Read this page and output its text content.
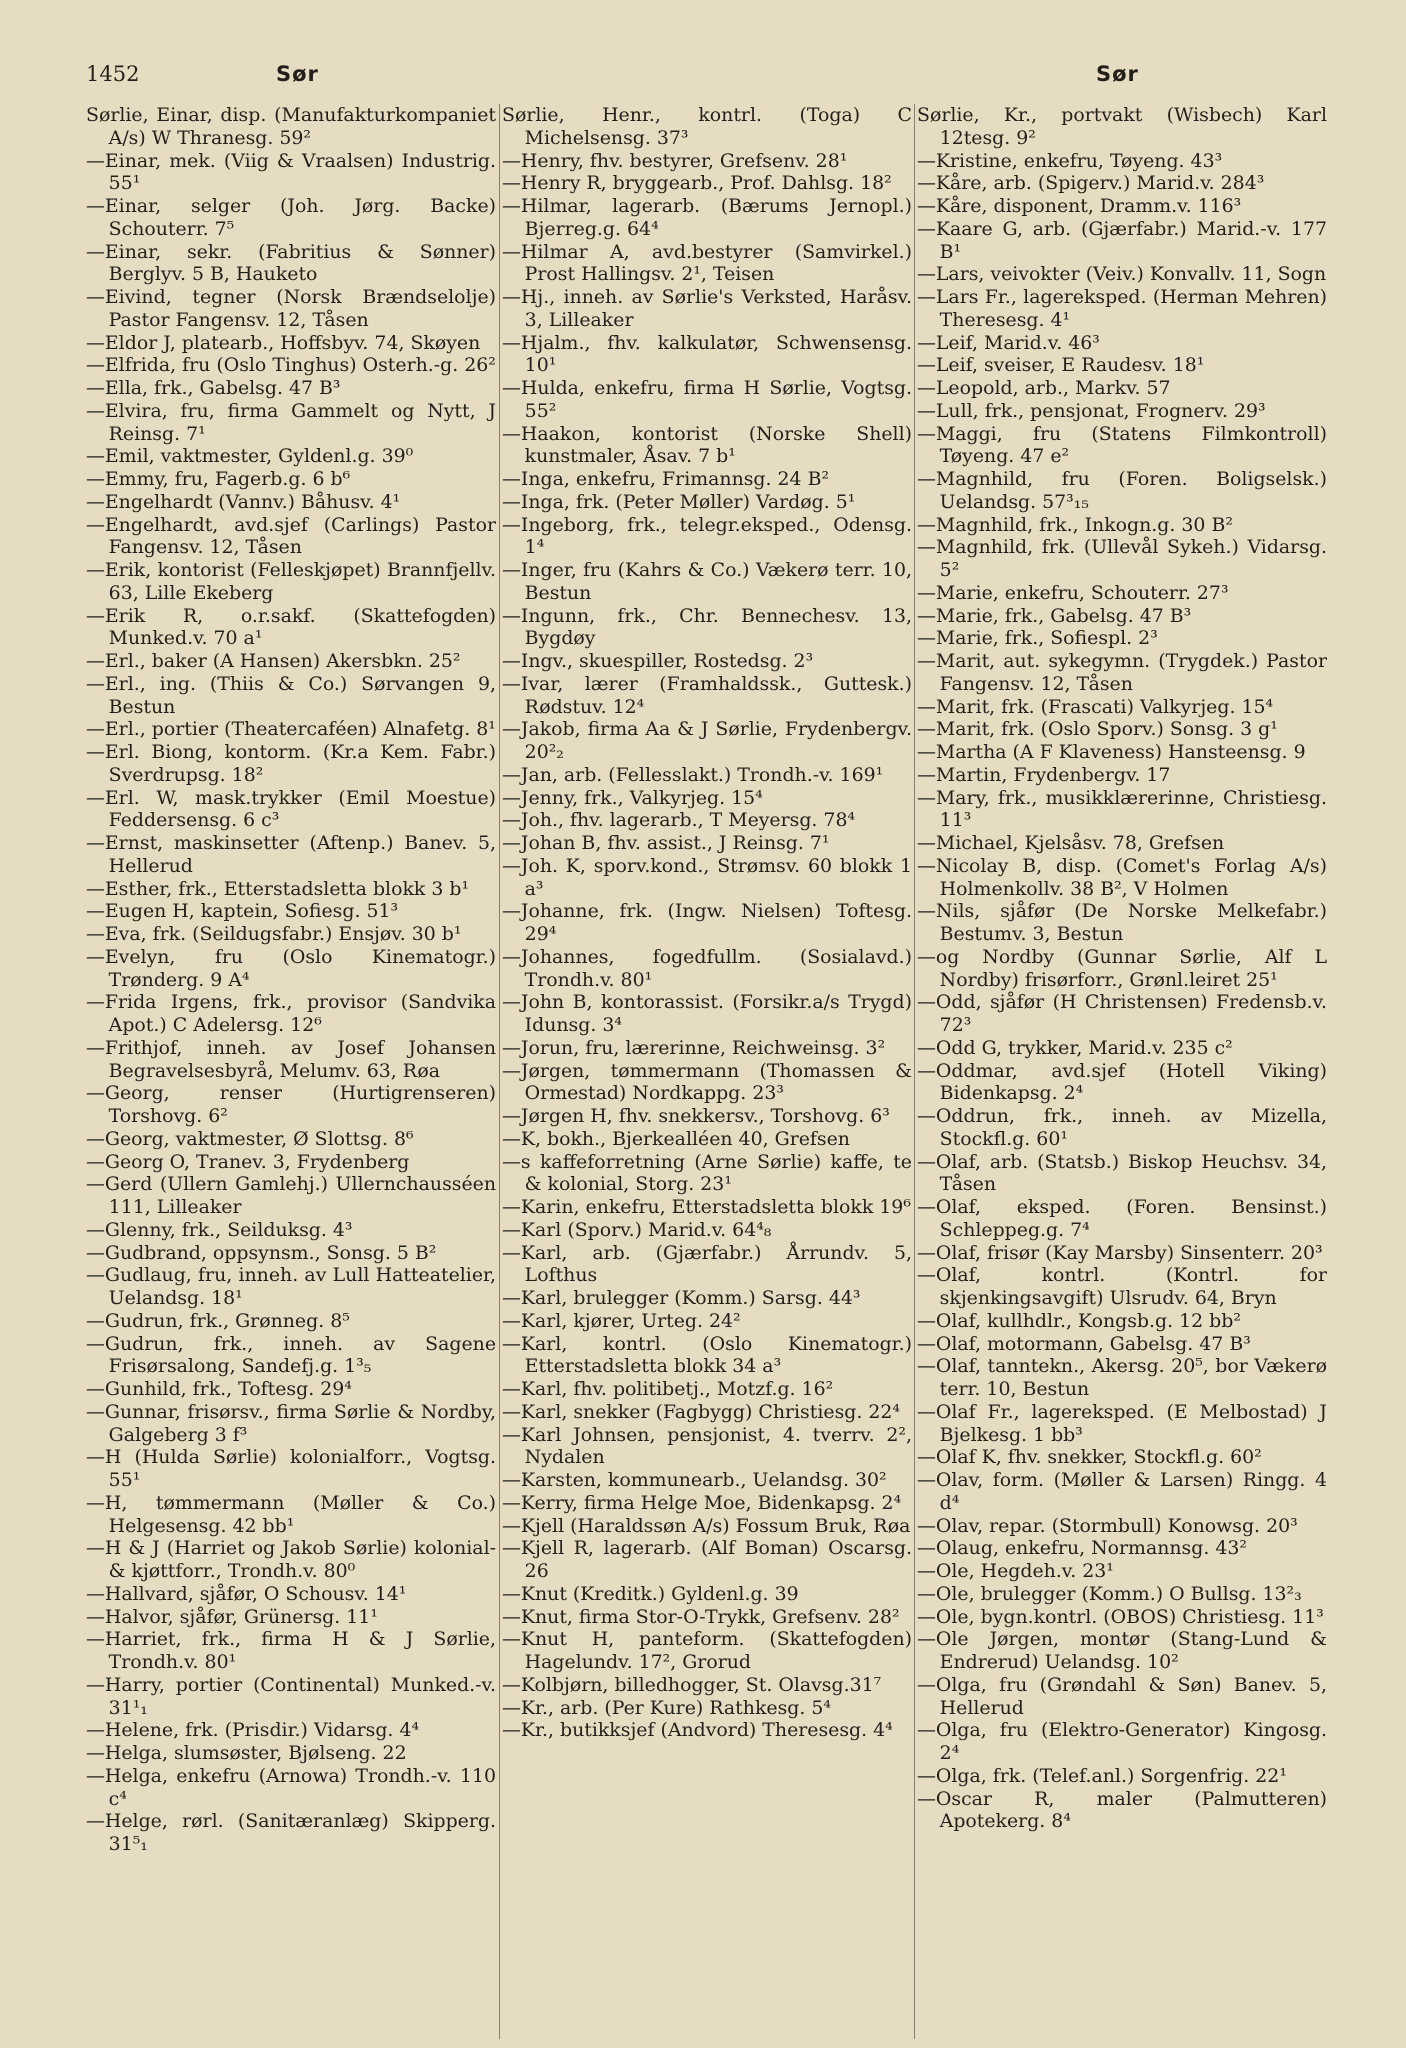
1452	Sør	Sør

Sørlie, Einar, disp. (Manufakturkompaniet A/s) W Thranesg. 59²

—Einar, mek. (Viig & Vraalsen) Industrig. 55¹

—Einar, selger (Joh. Jørg. Backe) Schouterr. 7⁵

—Einar, sekr. (Fabritius & Sønner) Berglyv. 5 B, Hauketo

—Eivind, tegner (Norsk Brændselolje) Pastor Fangensv. 12, Tåsen

—Eldor J, platearb., Hoffsbyv. 74, Skøyen

—Elfrida, fru (Oslo Tinghus) Osterh.-g. 26²

—Ella, frk., Gabelsg. 47 B³

—Elvira, fru, firma Gammelt og Nytt, J Reinsg. 7¹

—Emil, vaktmester, Gyldenl.g. 39⁰

—Emmy, fru, Fagerb.g. 6 b⁶

—Engelhardt (Vannv.) Båhusv. 4¹

—Engelhardt, avd.sjef (Carlings) Pastor Fangensv. 12, Tåsen

—Erik, kontorist (Felleskjøpet) Brannfjellv. 63, Lille Ekeberg

—Erik R, o.r.sakf. (Skattefogden) Munked.v. 70 a¹

—Erl., baker (A Hansen) Akersbkn. 25²

—Erl., ing. (Thiis & Co.) Sørvangen 9, Bestun

—Erl., portier (Theatercaféen) Alnafetg. 8¹

—Erl. Biong, kontorm. (Kr.a Kem. Fabr.) Sverdrupsg. 18²

—Erl. W, mask.trykker (Emil Moestue) Feddersensg. 6 c³

—Ernst, maskinsetter (Aftenp.) Banev. 5, Hellerud

—Esther, frk., Etterstadsletta blokk 3 b¹

—Eugen H, kaptein, Sofiesg. 51³

—Eva, frk. (Seildugsfabr.) Ensjøv. 30 b¹

—Evelyn, fru (Oslo Kinematogr.) Trønderg. 9 A⁴

—Frida Irgens, frk., provisor (Sandvika Apot.) C Adelersg. 12⁶

—Frithjof, inneh. av Josef Johansen Begravelsesbyrå, Melumv. 63, Røa

—Georg, renser (Hurtigrenseren) Torshovg. 6²

—Georg, vaktmester, Ø Slottsg. 8⁶

—Georg O, Tranev. 3, Frydenberg

—Gerd (Ullern Gamlehj.) Ullernchausséen 111, Lilleaker

—Glenny, frk., Seilduksg. 4³

—Gudbrand, oppsynsm., Sonsg. 5 B²

—Gudlaug, fru, inneh. av Lull Hatteatelier, Uelandsg. 18¹

—Gudrun, frk., Grønneg. 8⁵

—Gudrun, frk., inneh. av Sagene Frisørsalong, Sandefj.g. 1³₅

—Gunhild, frk., Toftesg. 29⁴

—Gunnar, frisørsv., firma Sørlie & Nordby, Galgeberg 3 f³

—H (Hulda Sørlie) kolonialforr., Vogtsg. 55¹

—H, tømmermann (Møller & Co.) Helgesensg. 42 bb¹

—H & J (Harriet og Jakob Sørlie) kolonial- & kjøttforr., Trondh.v. 80⁰

—Hallvard, sjåfør, O Schousv. 14¹

—Halvor, sjåfør, Grünersg. 11¹

—Harriet, frk., firma H & J Sørlie, Trondh.v. 80¹

—Harry, portier (Continental) Munked.-v. 31¹₁

—Helene, frk. (Prisdir.) Vidarsg. 4⁴

—Helga, slumsøster, Bjølseng. 22

—Helga, enkefru (Arnowa) Trondh.-v. 110 c⁴

—Helge, rørl. (Sanitæranlæg) Skipperg. 31⁵₁

Sørlie, Henr., kontrl. (Toga) C Michelsensg. 37³

—Henry, fhv. bestyrer, Grefsenv. 28¹

—Henry R, bryggearb., Prof. Dahlsg. 18²

—Hilmar, lagerarb. (Bærums Jernopl.) Bjerreg.g. 64⁴

—Hilmar A, avd.bestyrer (Samvirkel.) Prost Hallingsv. 2¹, Teisen

—Hj., inneh. av Sørlie's Verksted, Haråsv. 3, Lilleaker

—Hjalm., fhv. kalkulatør, Schwensensg. 10¹

—Hulda, enkefru, firma H Sørlie, Vogtsg. 55²

—Haakon, kontorist (Norske Shell) kunstmaler, Åsav. 7 b¹

—Inga, enkefru, Frimannsg. 24 B²

—Inga, frk. (Peter Møller) Vardøg. 5¹

—Ingeborg, frk., telegr.eksped., Odensg. 1⁴

—Inger, fru (Kahrs & Co.) Vækerø terr. 10, Bestun

—Ingunn, frk., Chr. Bennechesv. 13, Bygdøy

—Ingv., skuespiller, Rostedsg. 2³

—Ivar, lærer (Framhaldssk., Guttesk.) Rødstuv. 12⁴

—Jakob, firma Aa & J Sørlie, Frydenbergv. 20²₂

—Jan, arb. (Fellesslakt.) Trondh.-v. 169¹

—Jenny, frk., Valkyrjeg. 15⁴

—Joh., fhv. lagerarb., T Meyersg. 78⁴

—Johan B, fhv. assist., J Reinsg. 7¹

—Joh. K, sporv.kond., Strømsv. 60 blokk 1 a³

—Johanne, frk. (Ingw. Nielsen) Toftesg. 29⁴

—Johannes, fogedfullm. (Sosialavd.) Trondh.v. 80¹

—John B, kontorassist. (Forsikr.a/s Trygd) Idunsg. 3⁴

—Jorun, fru, lærerinne, Reichweinsg. 3²

—Jørgen, tømmermann (Thomassen & Ormestad) Nordkappg. 23³

—Jørgen H, fhv. snekkersv., Torshovg. 6³

—K, bokh., Bjerkealléen 40, Grefsen

—s kaffeforretning (Arne Sørlie) kaffe, te & kolonial, Storg. 23¹

—Karin, enkefru, Etterstadsletta blokk 19⁶

—Karl (Sporv.) Marid.v. 64⁴₈

—Karl, arb. (Gjærfabr.) Årrundv. 5, Lofthus

—Karl, brulegger (Komm.) Sarsg. 44³

—Karl, kjører, Urteg. 24²

—Karl, kontrl. (Oslo Kinematogr.) Etterstadsletta blokk 34 a³

—Karl, fhv. politibetj., Motzf.g. 16²

—Karl, snekker (Fagbygg) Christiesg. 22⁴

—Karl Johnsen, pensjonist, 4. tverrv. 2², Nydalen

—Karsten, kommunearb., Uelandsg. 30²

—Kerry, firma Helge Moe, Bidenkapsg. 2⁴

—Kjell (Haraldssøn A/s) Fossum Bruk, Røa

—Kjell R, lagerarb. (Alf Boman) Oscarsg. 26

—Knut (Kreditk.) Gyldenl.g. 39

—Knut, firma Stor-O-Trykk, Grefsenv. 28²

—Knut H, panteform. (Skattefogden) Hagelundv. 17², Grorud

—Kolbjørn, billedhogger, St. Olavsg.31⁷

—Kr., arb. (Per Kure) Rathkesg. 5⁴

—Kr., butikksjef (Andvord) Theresesg. 4⁴

Sørlie, Kr., portvakt (Wisbech) Karl 12tesg. 9²

—Kristine, enkefru, Tøyeng. 43³

—Kåre, arb. (Spigerv.) Marid.v. 284³

—Kåre, disponent, Dramm.v. 116³

—Kaare G, arb. (Gjærfabr.) Marid.-v. 177 B¹

—Lars, veivokter (Veiv.) Konvallv. 11, Sogn

—Lars Fr., lagereksped. (Herman Mehren) Theresesg. 4¹

—Leif, Marid.v. 46³

—Leif, sveiser, E Raudesv. 18¹

—Leopold, arb., Markv. 57

—Lull, frk., pensjonat, Frognerv. 29³

—Maggi, fru (Statens Filmkontroll) Tøyeng. 47 e²

—Magnhild, fru (Foren. Boligselsk.) Uelandsg. 57³₁₅

—Magnhild, frk., Inkogn.g. 30 B²

—Magnhild, frk. (Ullevål Sykeh.) Vidarsg. 5²

—Marie, enkefru, Schouterr. 27³

—Marie, frk., Gabelsg. 47 B³

—Marie, frk., Sofiespl. 2³

—Marit, aut. sykegymn. (Trygdek.) Pastor Fangensv. 12, Tåsen

—Marit, frk. (Frascati) Valkyrjeg. 15⁴

—Marit, frk. (Oslo Sporv.) Sonsg. 3 g¹

—Martha (A F Klaveness) Hansteensg. 9

—Martin, Frydenbergv. 17

—Mary, frk., musikklærerinne, Christiesg. 11³

—Michael, Kjelsåsv. 78, Grefsen

—Nicolay B, disp. (Comet's Forlag A/s) Holmenkollv. 38 B², V Holmen

—Nils, sjåfør (De Norske Melkefabr.) Bestumv. 3, Bestun

—og Nordby (Gunnar Sørlie, Alf L Nordby) frisørforr., Grønl.leiret 25¹

—Odd, sjåfør (H Christensen) Fredensb.v. 72³

—Odd G, trykker, Marid.v. 235 c²

—Oddmar, avd.sjef (Hotell Viking) Bidenkapsg. 2⁴

—Oddrun, frk., inneh. av Mizella, Stockfl.g. 60¹

—Olaf, arb. (Statsb.) Biskop Heuchsv. 34, Tåsen

—Olaf, eksped. (Foren. Bensinst.) Schleppeg.g. 7⁴

—Olaf, frisør (Kay Marsby) Sinsenterr. 20³

—Olaf, kontrl. (Kontrl. for skjenkingsavgift) Ulsrudv. 64, Bryn

—Olaf, kullhdlr., Kongsb.g. 12 bb²

—Olaf, motormann, Gabelsg. 47 B³

—Olaf, tanntekn., Akersg. 20⁵, bor Vækerø terr. 10, Bestun

—Olaf Fr., lagereksped. (E Melbostad) J Bjelkesg. 1 bb³

—Olaf K, fhv. snekker, Stockfl.g. 60²

—Olav, form. (Møller & Larsen) Ringg. 4 d⁴

—Olav, repar. (Stormbull) Konowsg. 20³

—Olaug, enkefru, Normannsg. 43²

—Ole, Hegdeh.v. 23¹

—Ole, brulegger (Komm.) O Bullsg. 13²₃

—Ole, bygn.kontrl. (OBOS) Christiesg. 11³

—Ole Jørgen, montør (Stang-Lund & Endrerud) Uelandsg. 10²

—Olga, fru (Grøndahl & Søn) Banev. 5, Hellerud

—Olga, fru (Elektro-Generator) Kingosg. 2⁴

—Olga, frk. (Telef.anl.) Sorgenfrig. 22¹

—Oscar R, maler (Palmutteren) Apotekerg. 8⁴
